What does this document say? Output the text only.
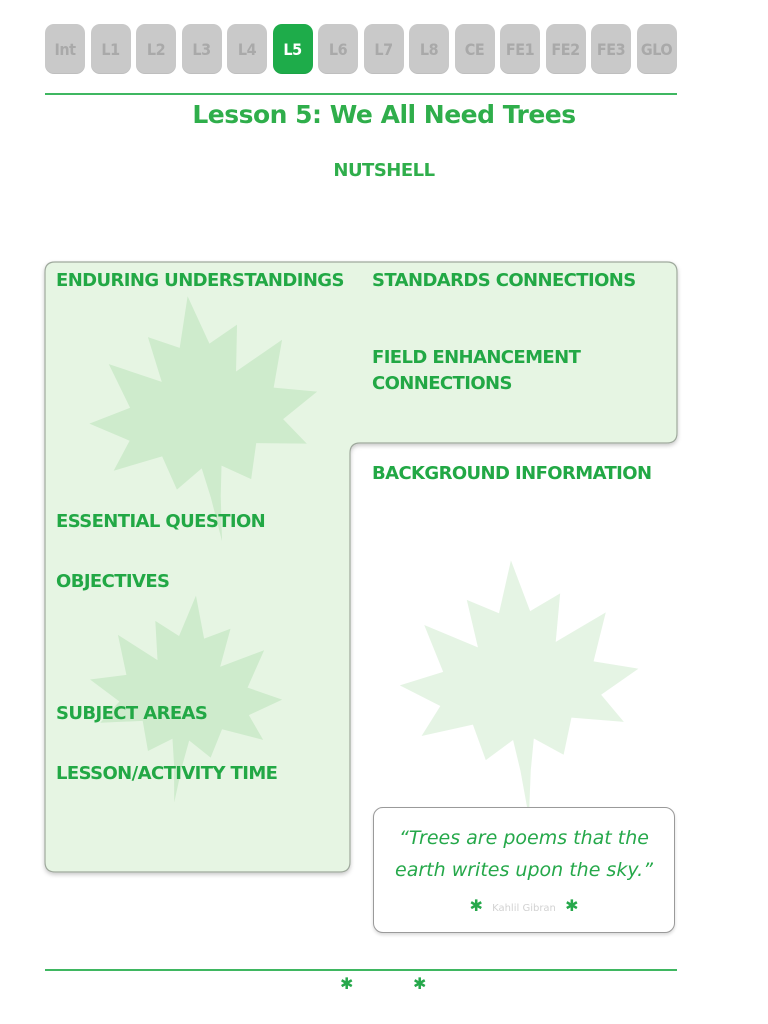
Int	L1	L2	L3	L4	L5	L6	L7	L8	CE	FE1	FE2	FE3 GLO
Lesson 5: We All Need Trees
NUTSHELL
ENDURING UNDERSTANDINGS STANDARDS CONNECTIONS
FIELD ENHANCEMENT CONNECTIONS
BACKGROUND INFORMATION
ESSENTIAL QUESTION
OBJECTIVES
SUBJECT AREAS
LESSON/ACTIVITY TIME
“Trees are poems that the earth writes upon the sky.”
✱ Kahlil Gibran ✱
✱	✱
